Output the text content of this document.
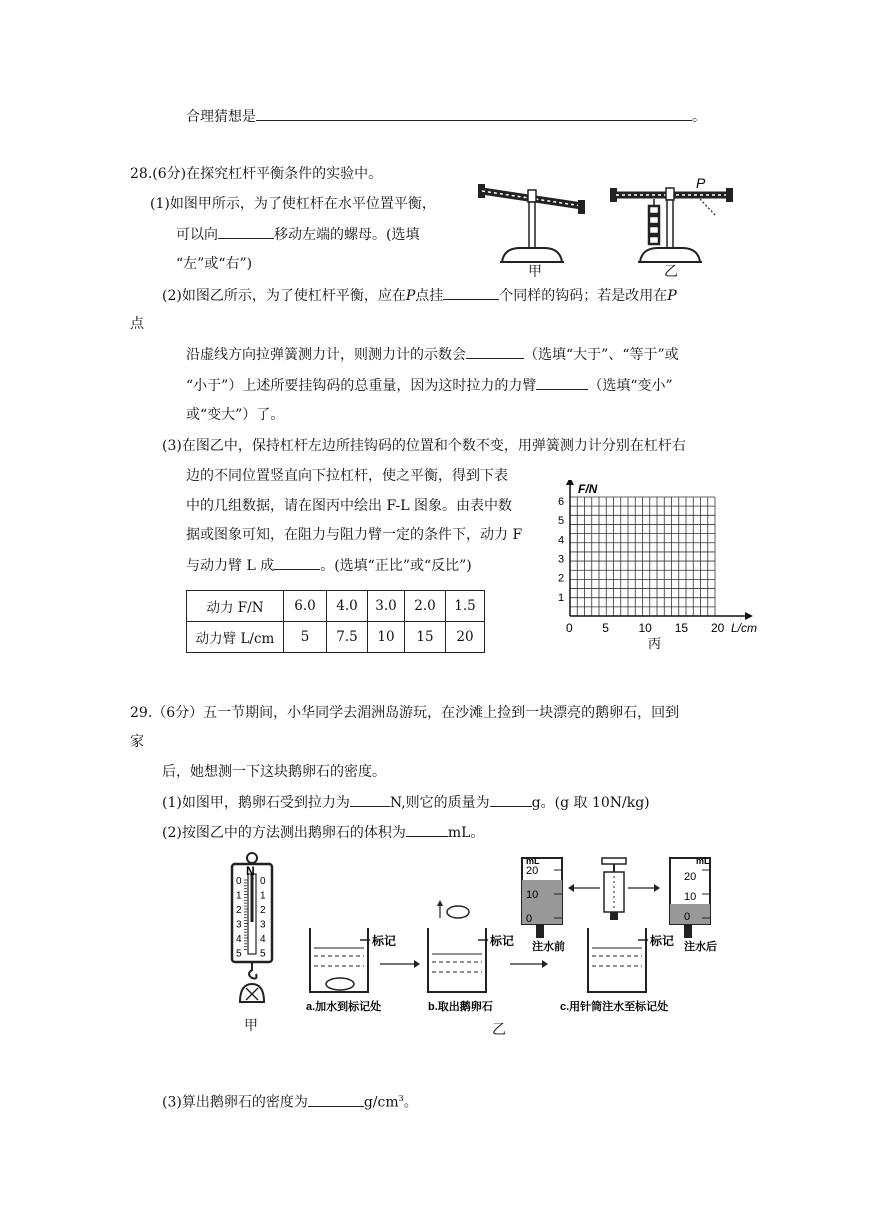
合理猜想是	。
28.(6分)在探究杠杆平衡条件的实验中。
(1)如图甲所示，为了使杠杆在水平位置平衡，
可以向	移动左端的螺母。(选填
“左”或“右”)
P
甲	乙
(2)如图乙所示，为了使杠杆平衡，应在P点挂	个同样的钩码；若是改用在P
点
沿虚线方向拉弹簧测力计，则测力计的示数会	（选填“大于”、“等于”或
“小于”）上述所要挂钩码的总重量，因为这时拉力的力臂	（选填“变小”
或“变大”）了。
(3)在图乙中，保持杠杆左边所挂钩码的位置和个数不变，用弹簧测力计分别在杠杆右
边的不同位置竖直向下拉杠杆，使之平衡，得到下表
中的几组数据，请在图丙中绘出 F-L 图象。由表中数
据或图象可知，在阻力与阻力臂一定的条件下，动力 F
与动力臂 L 成	。(选填“正比”或“反比”)
动力 F/N	6.0	4.0	3.0	2.0	1.5
动力臂 L/cm	5	7.5	10	15	20
0 5 10 15 20
1
2
3
4
5
6
F/N
L/cm
丙
29.（6分）五一节期间，小华同学去湄洲岛游玩，在沙滩上捡到一块漂亮的鹅卵石，回到
家
后，她想测一下这块鹅卵石的密度。
(1)如图甲，鹅卵石受到拉力为	N,则它的质量为	g。(g 取 10N/kg)
(2)按图乙中的方法测出鹅卵石的体积为	mL。
N
0 0
1 1
2 2
3 3
4 4
5 5
标记
a.加水到标记处
标记
b.取出鹅卵石
mL
20
10
0
注水前
mL
20
10
0
注水后
标记
c.用针筒注水至标记处
甲	乙
(3)算出鹅卵石的密度为	$g/cm^3$。
